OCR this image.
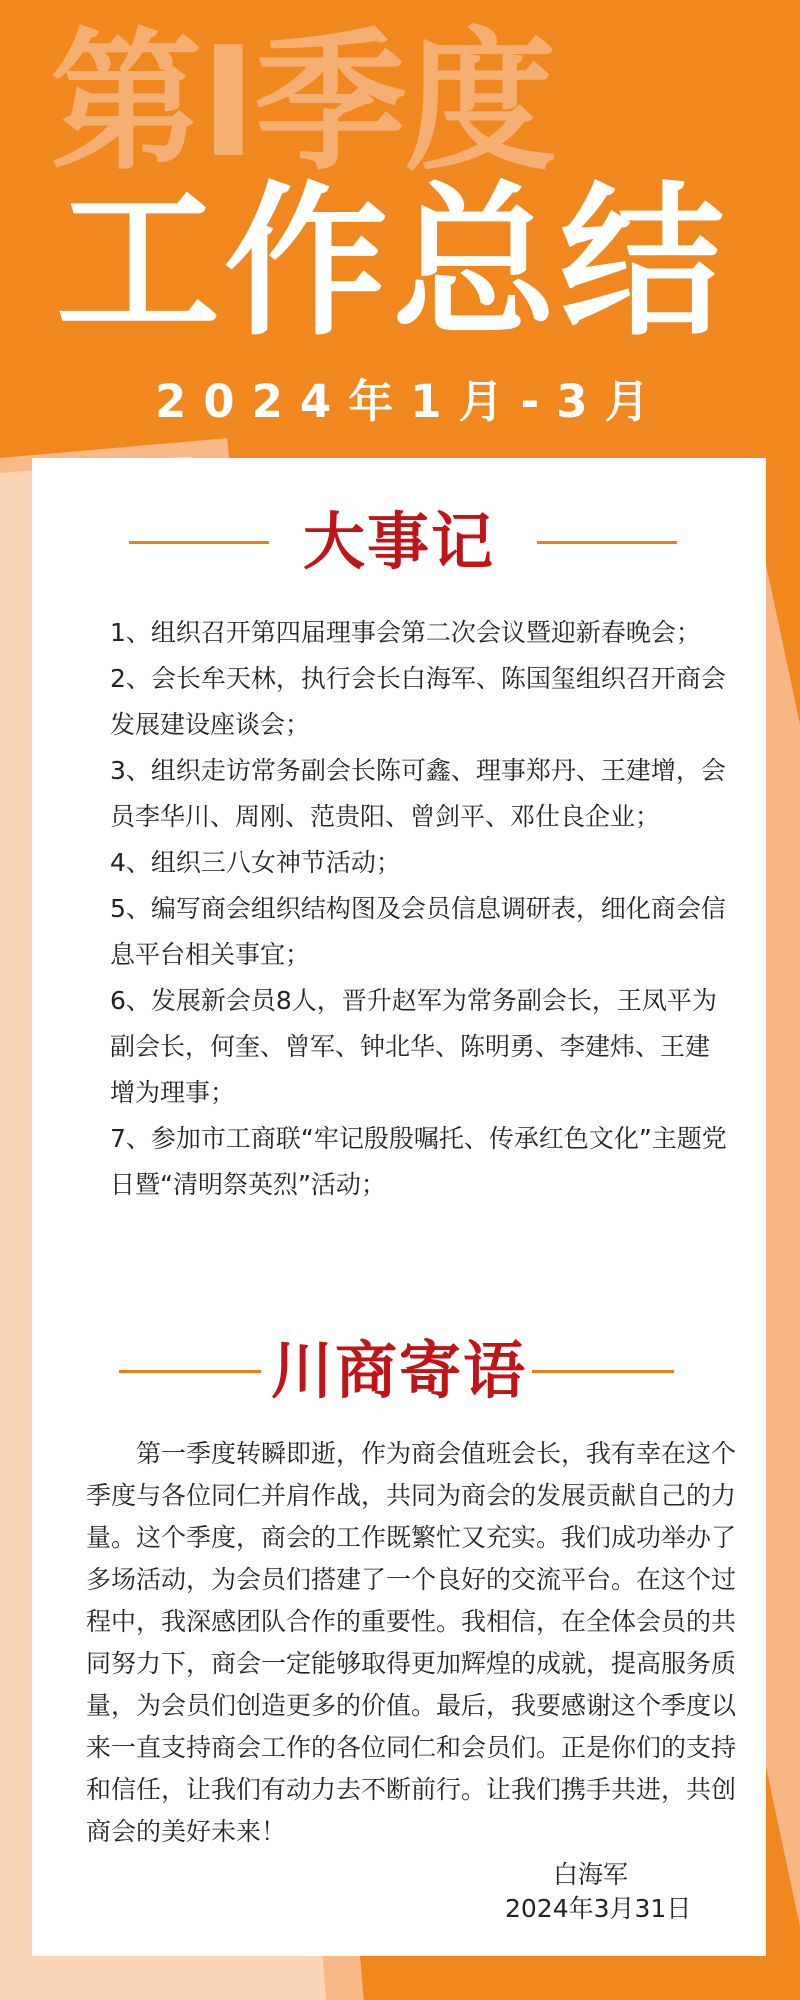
第I季度
工作总结
2024年1月-3月
大事记
1、组织召开第四届理事会第二次会议暨迎新春晚会；
2、会长牟天林，执行会长白海军、陈国玺组织召开商会发展建设座谈会；
3、组织走访常务副会长陈可鑫、理事郑丹、王建增，会员李华川、周刚、范贵阳、曾剑平、邓仕良企业；
4、组织三八女神节活动；
5、编写商会组织结构图及会员信息调研表，细化商会信息平台相关事宜；
6、发展新会员8人，晋升赵军为常务副会长，王凤平为副会长，何奎、曾军、钟北华、陈明勇、李建炜、王建增为理事；
7、参加市工商联“牢记殷殷嘱托、传承红色文化”主题党日暨“清明祭英烈”活动；
川商寄语

第一季度转瞬即逝，作为商会值班会长，我有幸在这个季度与各位同仁并肩作战，共同为商会的发展贡献自己的力量。这个季度，商会的工作既繁忙又充实。我们成功举办了多场活动，为会员们搭建了一个良好的交流平台。在这个过程中，我深感团队合作的重要性。我相信，在全体会员的共同努力下，商会一定能够取得更加辉煌的成就，提高服务质量，为会员们创造更多的价值。最后，我要感谢这个季度以来一直支持商会工作的各位同仁和会员们。正是你们的支持和信任，让我们有动力去不断前行。让我们携手共进，共创商会的美好未来！

白海军
2024年3月31日
